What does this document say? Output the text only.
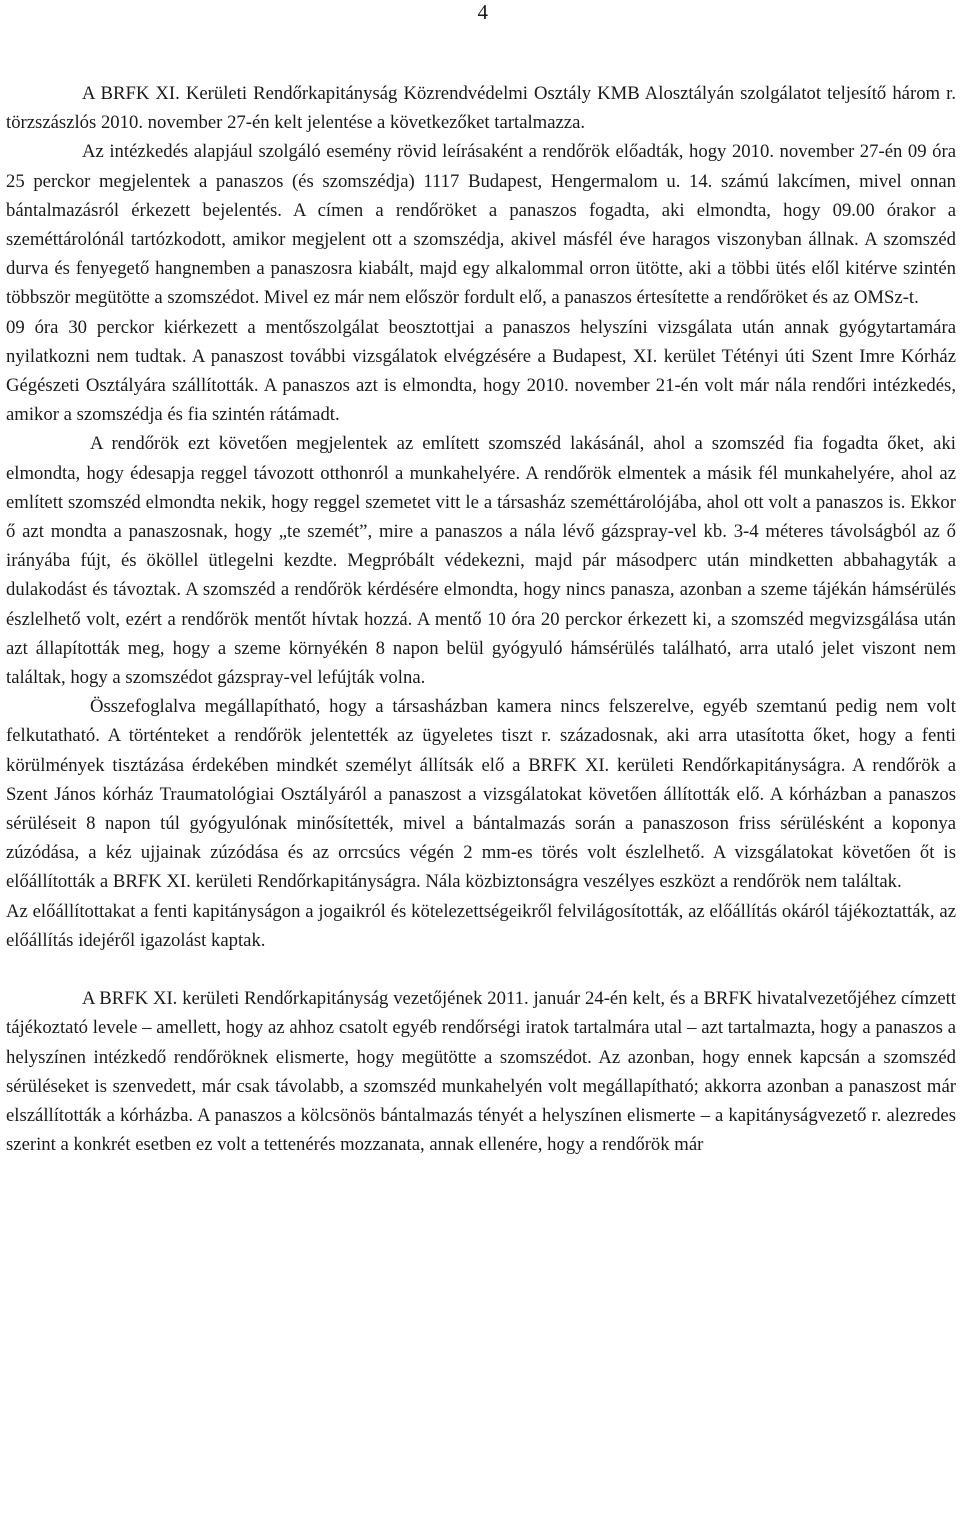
4

A BRFK XI. Kerületi Rendőrkapitányság Közrendvédelmi Osztály KMB Alosztályán szolgálatot teljesítő három r. törzszászlós 2010. november 27-én kelt jelentése a következőket tartalmazza.

Az intézkedés alapjául szolgáló esemény rövid leírásaként a rendőrök előadták, hogy 2010. november 27-én 09 óra 25 perckor megjelentek a panaszos (és szomszédja) 1117 Budapest, Hengermalom u. 14. számú lakcímen, mivel onnan bántalmazásról érkezett bejelentés. A címen a rendőröket a panaszos fogadta, aki elmondta, hogy 09.00 órakor a szeméttárolónál tartózkodott, amikor megjelent ott a szomszédja, akivel másfél éve haragos viszonyban állnak. A szomszéd durva és fenyegető hangnemben a panaszosra kiabált, majd egy alkalommal orron ütötte, aki a többi ütés elől kitérve szintén többször megütötte a szomszédot. Mivel ez már nem először fordult elő, a panaszos értesítette a rendőröket és az OMSz-t.

09 óra 30 perckor kiérkezett a mentőszolgálat beosztottjai a panaszos helyszíni vizsgálata után annak gyógytartamára nyilatkozni nem tudtak. A panaszost további vizsgálatok elvégzésére a Budapest, XI. kerület Tétényi úti Szent Imre Kórház Gégészeti Osztályára szállították. A panaszos azt is elmondta, hogy 2010. november 21-én volt már nála rendőri intézkedés, amikor a szomszédja és fia szintén rátámadt.

A rendőrök ezt követően megjelentek az említett szomszéd lakásánál, ahol a szomszéd fia fogadta őket, aki elmondta, hogy édesapja reggel távozott otthonról a munkahelyére. A rendőrök elmentek a másik fél munkahelyére, ahol az említett szomszéd elmondta nekik, hogy reggel szemetet vitt le a társasház szeméttárolójába, ahol ott volt a panaszos is. Ekkor ő azt mondta a panaszosnak, hogy „te szemét”, mire a panaszos a nála lévő gázspray-vel kb. 3-4 méteres távolságból az ő irányába fújt, és ököllel ütlegelni kezdte. Megpróbált védekezni, majd pár másodperc után mindketten abbahagyták a dulakodást és távoztak. A szomszéd a rendőrök kérdésére elmondta, hogy nincs panasza, azonban a szeme tájékán hámsérülés észlelhető volt, ezért a rendőrök mentőt hívtak hozzá. A mentő 10 óra 20 perckor érkezett ki, a szomszéd megvizsgálása után azt állapították meg, hogy a szeme környékén 8 napon belül gyógyuló hámsérülés található, arra utaló jelet viszont nem találtak, hogy a szomszédot gázspray-vel lefújták volna.

Összefoglalva megállapítható, hogy a társasházban kamera nincs felszerelve, egyéb szemtanú pedig nem volt felkutatható. A történteket a rendőrök jelentették az ügyeletes tiszt r. századosnak, aki arra utasította őket, hogy a fenti körülmények tisztázása érdekében mindkét személyt állítsák elő a BRFK XI. kerületi Rendőrkapitányságra. A rendőrök a Szent János kórház Traumatológiai Osztályáról a panaszost a vizsgálatokat követően állították elő. A kórházban a panaszos sérüléseit 8 napon túl gyógyulónak minősítették, mivel a bántalmazás során a panaszoson friss sérülésként a koponya zúzódása, a kéz ujjainak zúzódása és az orrcsúcs végén 2 mm-es törés volt észlelhető. A vizsgálatokat követően őt is előállították a BRFK XI. kerületi Rendőrkapitányságra. Nála közbiztonságra veszélyes eszközt a rendőrök nem találtak.

Az előállítottakat a fenti kapitányságon a jogaikról és kötelezettségeikről felvilágosították, az előállítás okáról tájékoztatták, az előállítás idejéről igazolást kaptak.

A BRFK XI. kerületi Rendőrkapitányság vezetőjének 2011. január 24-én kelt, és a BRFK hivatalvezetőjéhez címzett tájékoztató levele – amellett, hogy az ahhoz csatolt egyéb rendőrségi iratok tartalmára utal – azt tartalmazta, hogy a panaszos a helyszínen intézkedő rendőröknek elismerte, hogy megütötte a szomszédot. Az azonban, hogy ennek kapcsán a szomszéd sérüléseket is szenvedett, már csak távolabb, a szomszéd munkahelyén volt megállapítható; akkorra azonban a panaszost már elszállították a kórházba. A panaszos a kölcsönös bántalmazás tényét a helyszínen elismerte – a kapitányságvezető r. alezredes szerint a konkrét esetben ez volt a tettenérés mozzanata, annak ellenére, hogy a rendőrök már
